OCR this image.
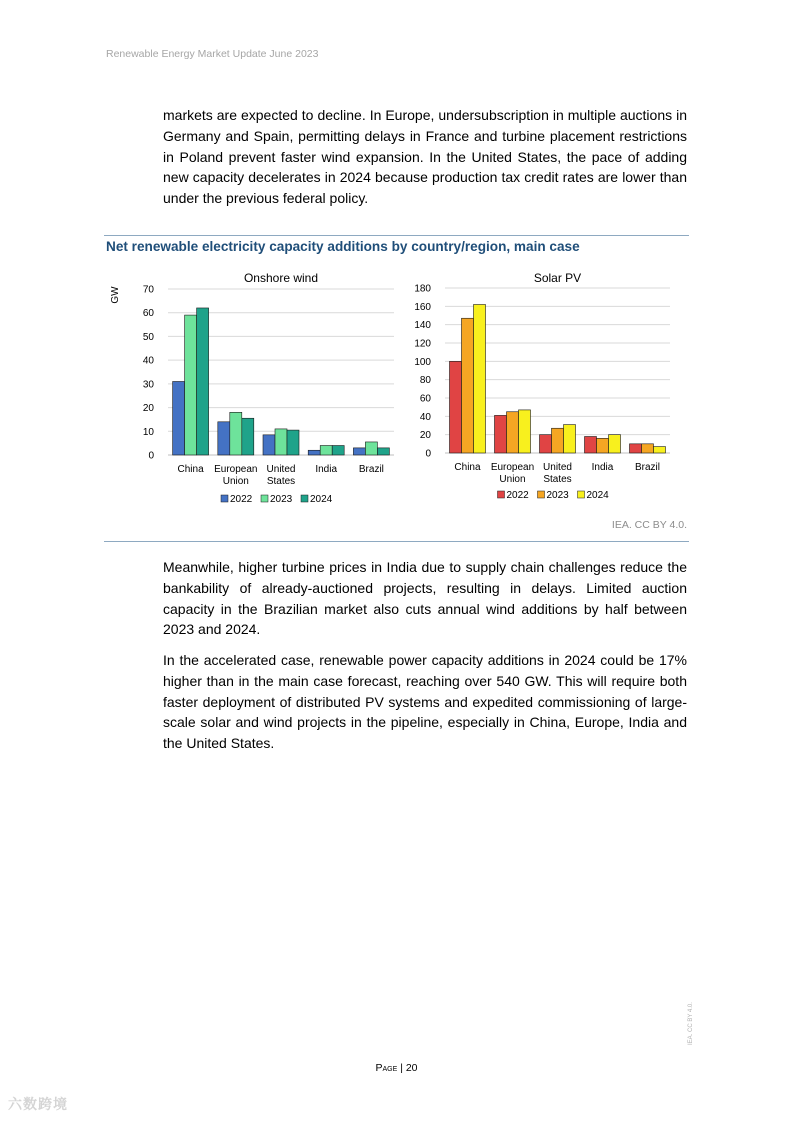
Renewable Energy Market Update June 2023

markets are expected to decline. In Europe, undersubscription in multiple auctions in Germany and Spain, permitting delays in France and turbine placement restrictions in Poland prevent faster wind expansion. In the United States, the pace of adding new capacity decelerates in 2024 because production tax credit rates are lower than under the previous federal policy.

Net renewable electricity capacity additions by country/region, main case
Onshore wind
GW
0
10
20
30
40
50
60
70
China European
Union
United
States
India Brazil
2022 2023 2024
Solar PV
0
20
40
60
80
100
120
140
160
180
China European
Union
United
States
India Brazil
2022 2023 2024
IEA. CC BY 4.0.

Meanwhile, higher turbine prices in India due to supply chain challenges reduce the bankability of already-auctioned projects, resulting in delays. Limited auction capacity in the Brazilian market also cuts annual wind additions by half between 2023 and 2024.

In the accelerated case, renewable power capacity additions in 2024 could be 17% higher than in the main case forecast, reaching over 540 GW. This will require both faster deployment of distributed PV systems and expedited commissioning of large-scale solar and wind projects in the pipeline, especially in China, Europe, India and the United States.

Page | 20
IEA. CC BY 4.0.
六数跨境
